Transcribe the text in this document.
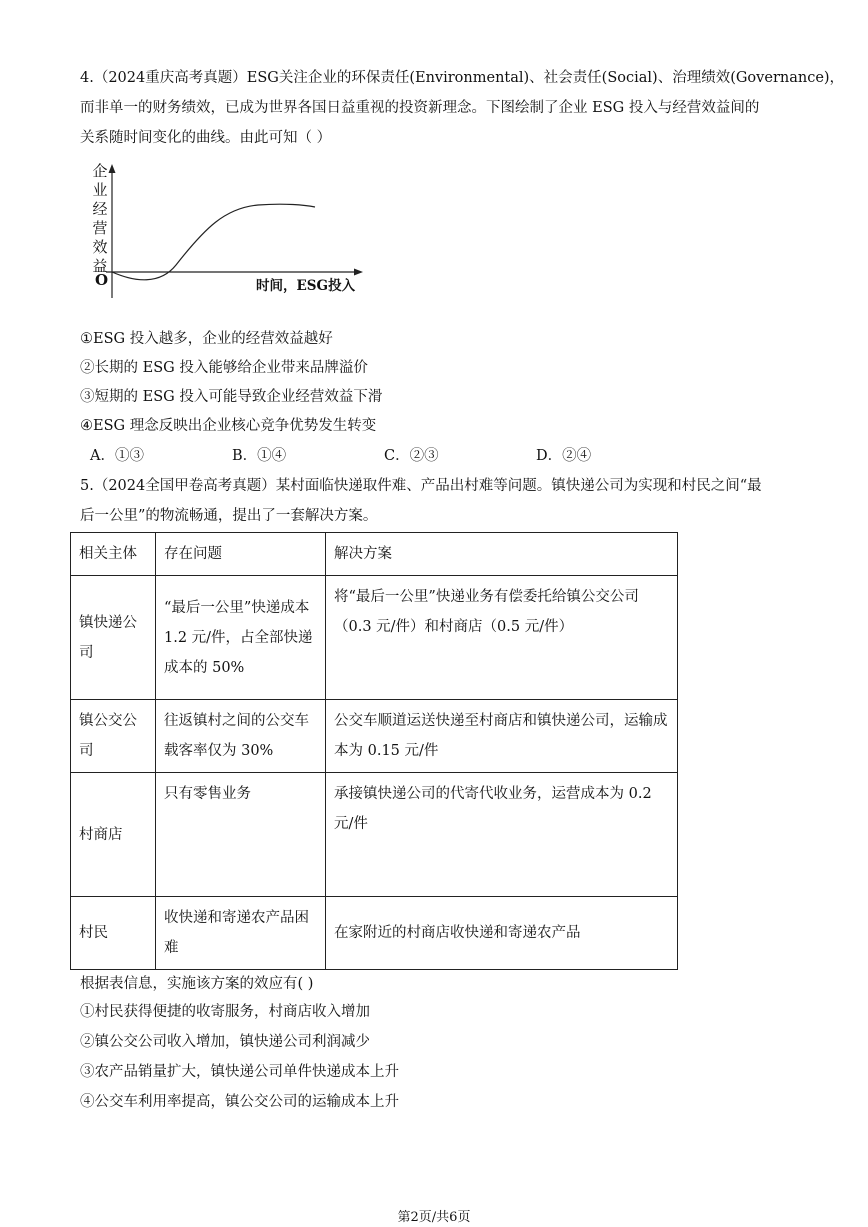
4.（2024重庆高考真题）ESG关注企业的环保责任(Environmental)、社会责任(Social)、治理绩效(Governance)，
而非单一的财务绩效，已成为世界各国日益重视的投资新理念。下图绘制了企业 ESG 投入与经营效益间的
关系随时间变化的曲线。由此可知（ ）
企
业
经
营
效
益
O	时间，ESG投入
①ESG 投入越多，企业的经营效益越好
②长期的 ESG 投入能够给企业带来品牌溢价
③短期的 ESG 投入可能导致企业经营效益下滑
④ESG 理念反映出企业核心竞争优势发生转变
A．①③	B．①④	C．②③	D．②④
5.（2024全国甲卷高考真题）某村面临快递取件难、产品出村难等问题。镇快递公司为实现和村民之间“最
后一公里”的物流畅通，提出了一套解决方案。
相关主体	存在问题	解决方案
镇快递公司	“最后一公里”快递成本1.2 元/件，占全部快递成本的 50%	将“最后一公里”快递业务有偿委托给镇公交公司（0.3 元/件）和村商店（0.5 元/件）
镇公交公司	往返镇村之间的公交车载客率仅为 30%	公交车顺道运送快递至村商店和镇快递公司，运输成本为 0.15 元/件
村商店	只有零售业务	承接镇快递公司的代寄代收业务，运营成本为 0.2 元/件
村民	收快递和寄递农产品困难	在家附近的村商店收快递和寄递农产品
根据表信息，实施该方案的效应有( )
①村民获得便捷的收寄服务，村商店收入增加
②镇公交公司收入增加，镇快递公司利润减少
③农产品销量扩大，镇快递公司单件快递成本上升
④公交车利用率提高，镇公交公司的运输成本上升
第2页/共6页
